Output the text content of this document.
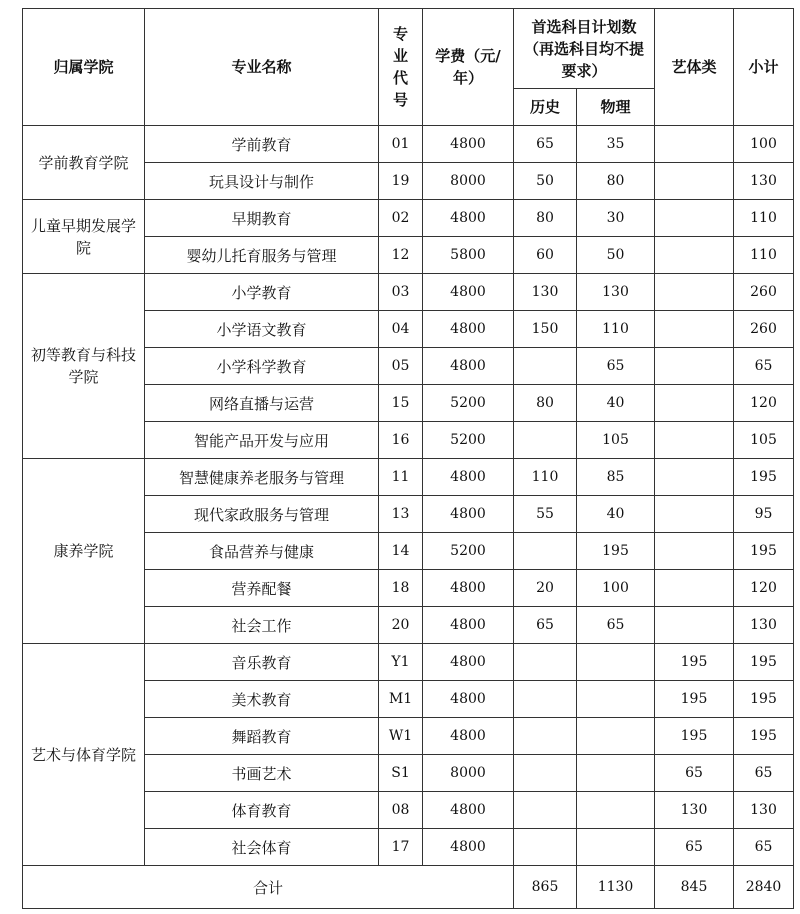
归属学院	专业名称	专业代号	学费（元/年）	首选科目计划数（再选科目均不提要求）		艺体类	小计
				历史	物理		
学前教育学院	学前教育	01	4800	65	35		100
	玩具设计与制作	19	8000	50	80		130
儿童早期发展学院	早期教育	02	4800	80	30		110
	婴幼儿托育服务与管理	12	5800	60	50		110
初等教育与科技学院	小学教育	03	4800	130	130		260
	小学语文教育	04	4800	150	110		260
	小学科学教育	05	4800		65		65
	网络直播与运营	15	5200	80	40		120
	智能产品开发与应用	16	5200		105		105
康养学院	智慧健康养老服务与管理	11	4800	110	85		195
	现代家政服务与管理	13	4800	55	40		95
	食品营养与健康	14	5200		195		195
	营养配餐	18	4800	20	100		120
	社会工作	20	4800	65	65		130
艺术与体育学院	音乐教育	Y1	4800			195	195
	美术教育	M1	4800			195	195
	舞蹈教育	W1	4800			195	195
	书画艺术	S1	8000			65	65
	体育教育	08	4800			130	130
	社会体育	17	4800			65	65
合计				865	1130	845	2840
